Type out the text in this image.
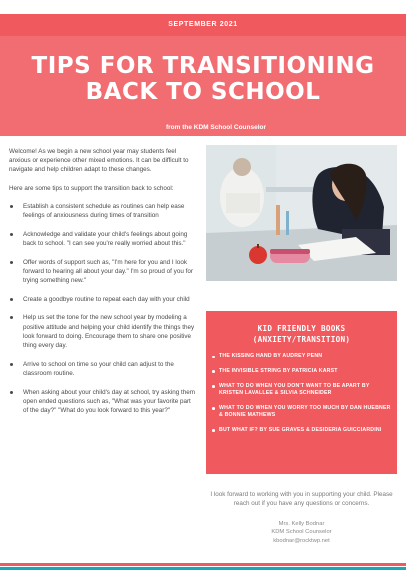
SEPTEMBER 2021
TIPS FOR TRANSITIONING
BACK TO SCHOOL
from the KDM School Counselor

Welcome! As we begin a new school year may students feel anxious or experience other mixed emotions. It can be difficult to navigate and help children adapt to these changes.

Here are some tips to support the transition back to school:

Establish a consistent schedule as routines can help ease feelings of anxiousness during times of transition
Acknowledge and validate your child's feelings about going back to school. "I can see you're really worried about this."
Offer words of support such as, "I'm here for you and I look forward to hearing all about your day." I'm so proud of you for trying something new."
Create a goodbye routine to repeat each day with your child
Help us set the tone for the new school year by modeling a positive attitude and helping your child identify the things they look forward to doing. Encourage them to share one positive thing every day.
Arrive to school on time so your child can adjust to the classroom routine.
When asking about your child's day at school, try asking them open ended questions such as, "What was your favorite part of the day?" "What do you look forward to this year?"
KID FRIENDLY BOOKS
(ANXIETY/TRANSITION)
THE KISSING HAND BY AUDREY PENN
THE INVISIBLE STRING BY PATRICIA KARST
WHAT TO DO WHEN YOU DON'T WANT TO BE APART BY KRISTEN LAVALLEE & SILVIA SCHNEIDER
WHAT TO DO WHEN YOU WORRY TOO MUCH BY DAN HUEBNER & BONNIE MATHEWS
BUT WHAT IF? BY SUE GRAVES & DESIDERIA GUICCIARDINI
I look forward to working with you in supporting your child. Please reach out if you have any questions or concerns.
Mrs. Kelly Bodnar
KDM School Counselor
kbodnar@rocktwp.net
